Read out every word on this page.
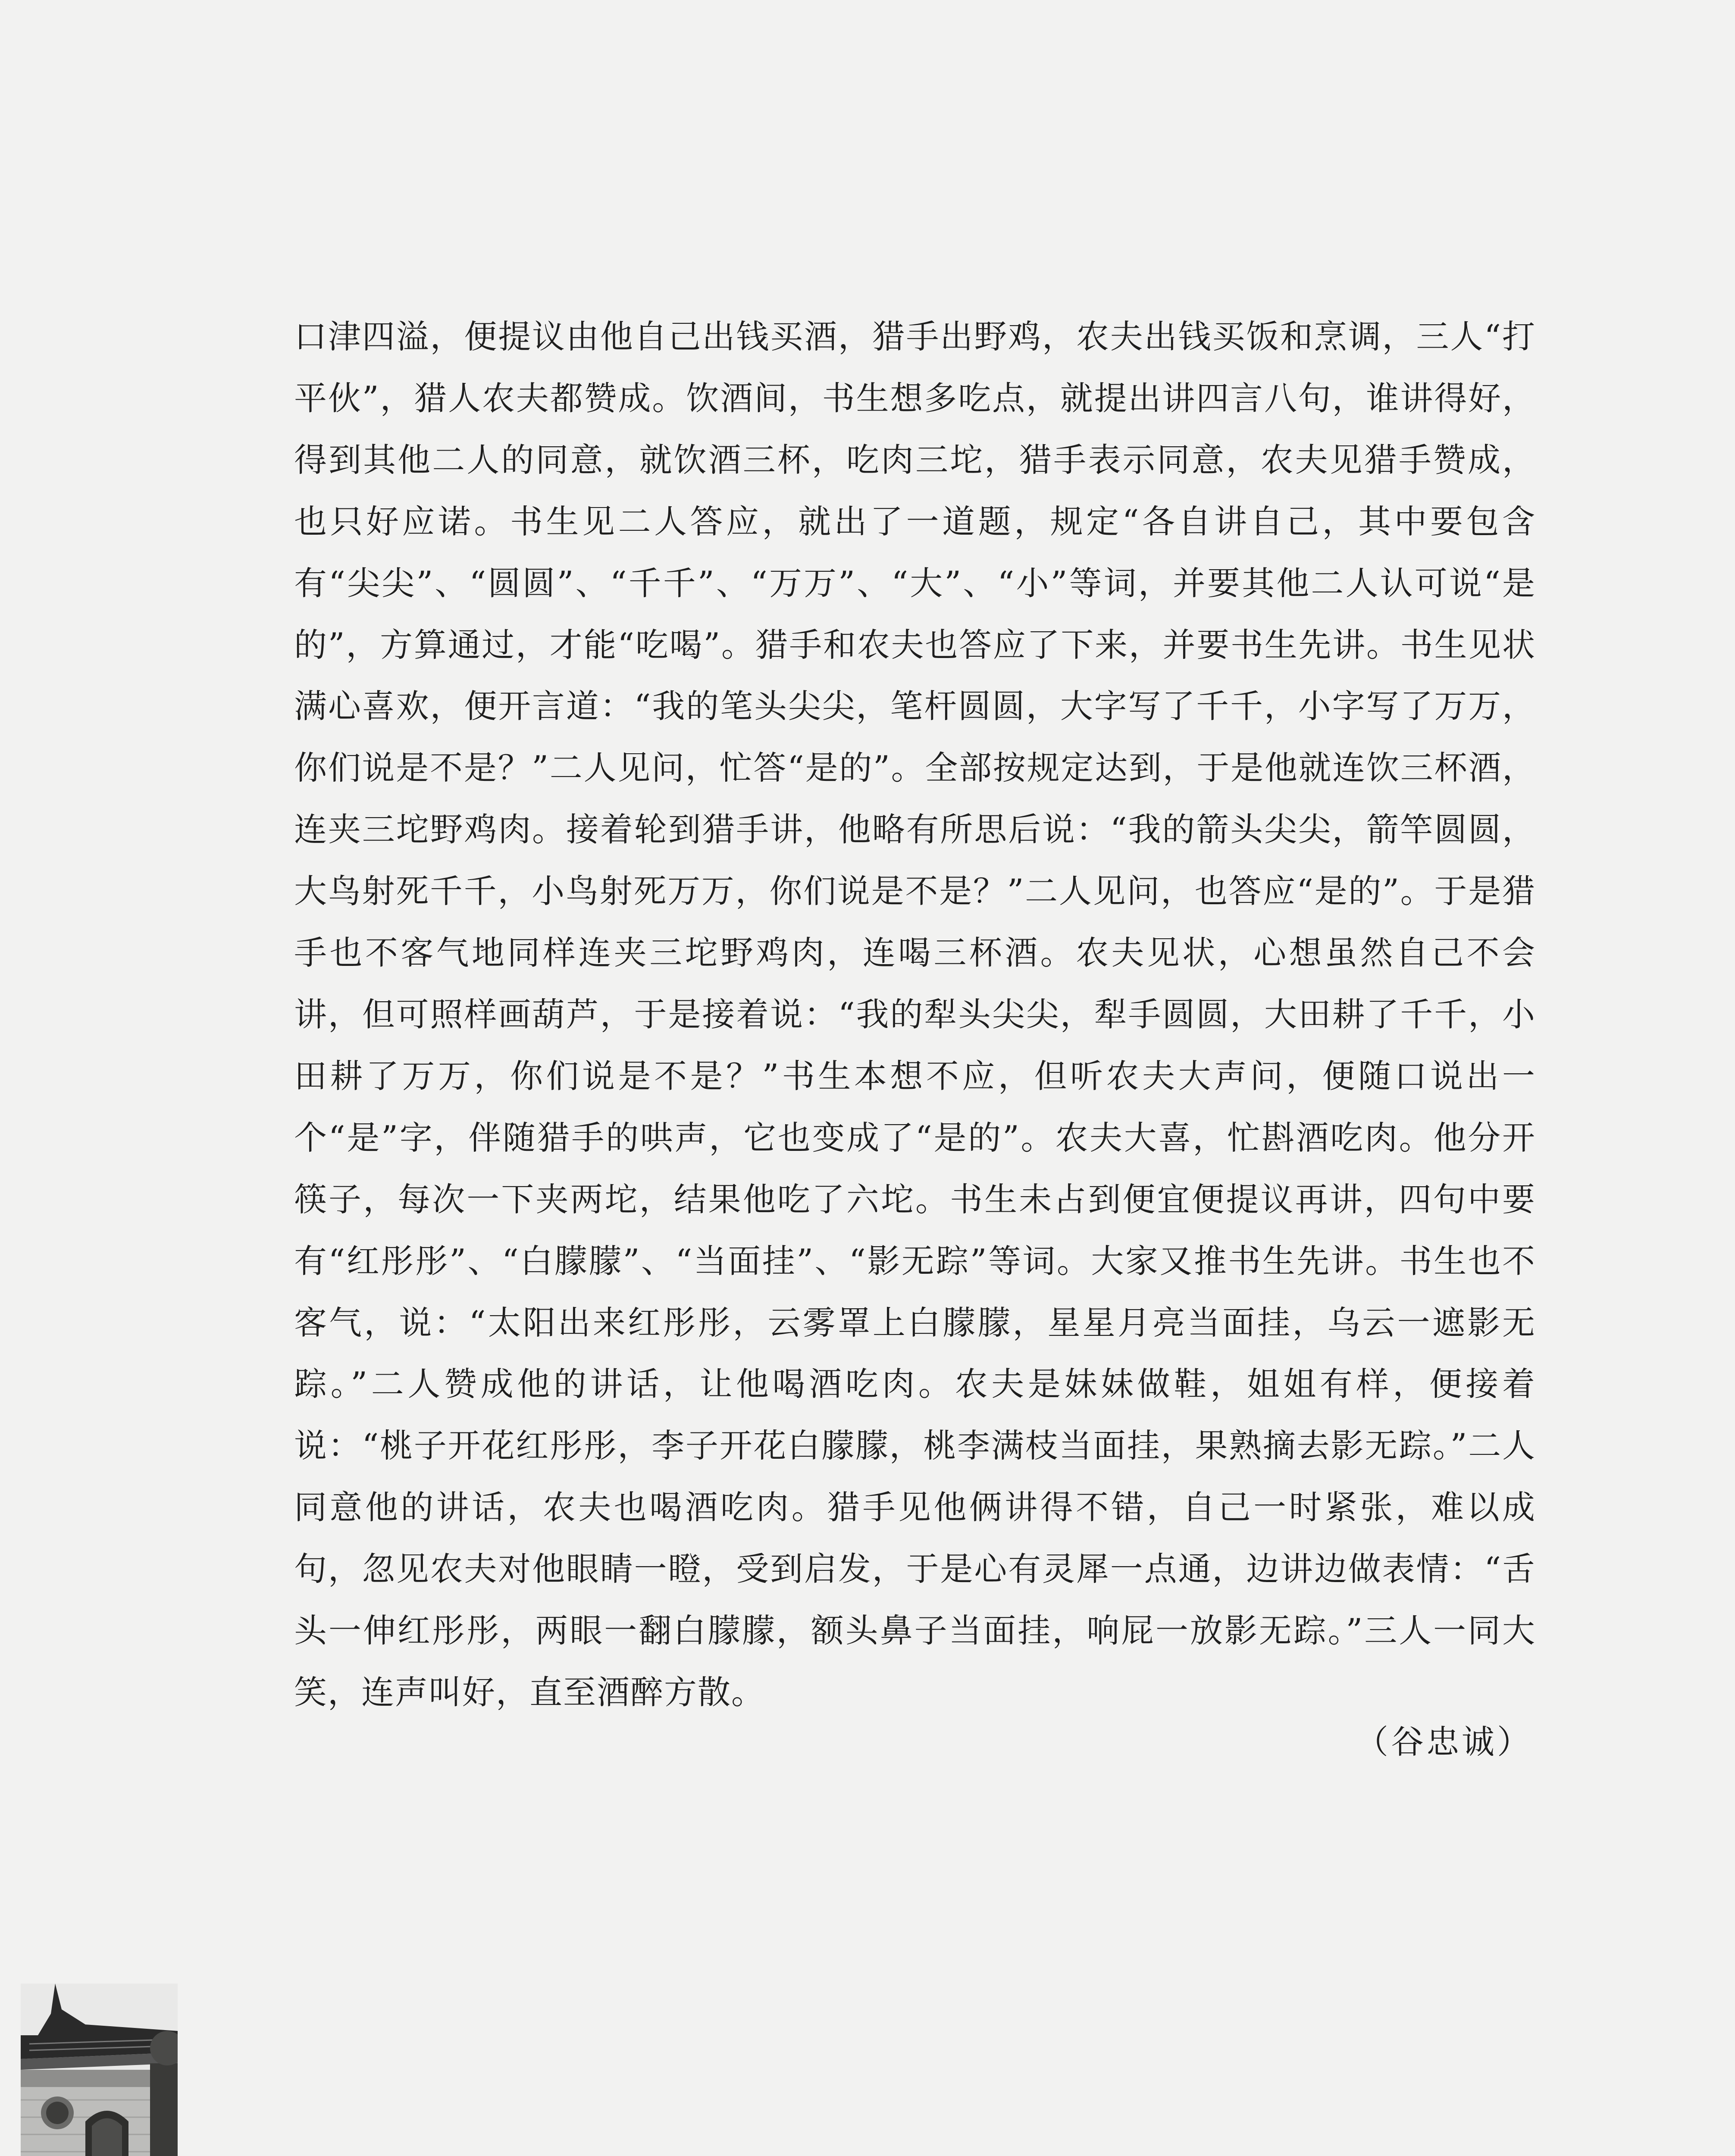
口津四溢，便提议由他自己出钱买酒，猎手出野鸡，农夫出钱买饭和烹调，三人“打平伙”，猎人农夫都赞成。饮酒间，书生想多吃点，就提出讲四言八句，谁讲得好，得到其他二人的同意，就饮酒三杯，吃肉三坨，猎手表示同意，农夫见猎手赞成，也只好应诺。书生见二人答应，就出了一道题，规定“各自讲自己，其中要包含有“尖尖”、“圆圆”、“千千”、“万万”、“大”、“小”等词，并要其他二人认可说“是的”，方算通过，才能“吃喝”。猎手和农夫也答应了下来，并要书生先讲。书生见状满心喜欢，便开言道：“我的笔头尖尖，笔杆圆圆，大字写了千千，小字写了万万，你们说是不是？”二人见问，忙答“是的”。全部按规定达到，于是他就连饮三杯酒，连夹三坨野鸡肉。接着轮到猎手讲，他略有所思后说：“我的箭头尖尖，箭竿圆圆，大鸟射死千千，小鸟射死万万，你们说是不是？”二人见问，也答应“是的”。于是猎手也不客气地同样连夹三坨野鸡肉，连喝三杯酒。农夫见状，心想虽然自己不会讲，但可照样画葫芦，于是接着说：“我的犁头尖尖，犁手圆圆，大田耕了千千，小田耕了万万，你们说是不是？”书生本想不应，但听农夫大声问，便随口说出一个“是”字，伴随猎手的哄声，它也变成了“是的”。农夫大喜，忙斟酒吃肉。他分开筷子，每次一下夹两坨，结果他吃了六坨。书生未占到便宜便提议再讲，四句中要有“红彤彤”、“白朦朦”、“当面挂”、“影无踪”等词。大家又推书生先讲。书生也不客气，说：“太阳出来红彤彤，云雾罩上白朦朦，星星月亮当面挂，乌云一遮影无踪。”二人赞成他的讲话，让他喝酒吃肉。农夫是妹妹做鞋，姐姐有样，便接着说：“桃子开花红彤彤，李子开花白朦朦，桃李满枝当面挂，果熟摘去影无踪。”二人同意他的讲话，农夫也喝酒吃肉。猎手见他俩讲得不错，自己一时紧张，难以成句，忽见农夫对他眼睛一瞪，受到启发，于是心有灵犀一点通，边讲边做表情：“舌头一伸红彤彤，两眼一翻白朦朦，额头鼻子当面挂，响屁一放影无踪。”三人一同大笑，连声叫好，直至酒醉方散。

（谷忠诚）
